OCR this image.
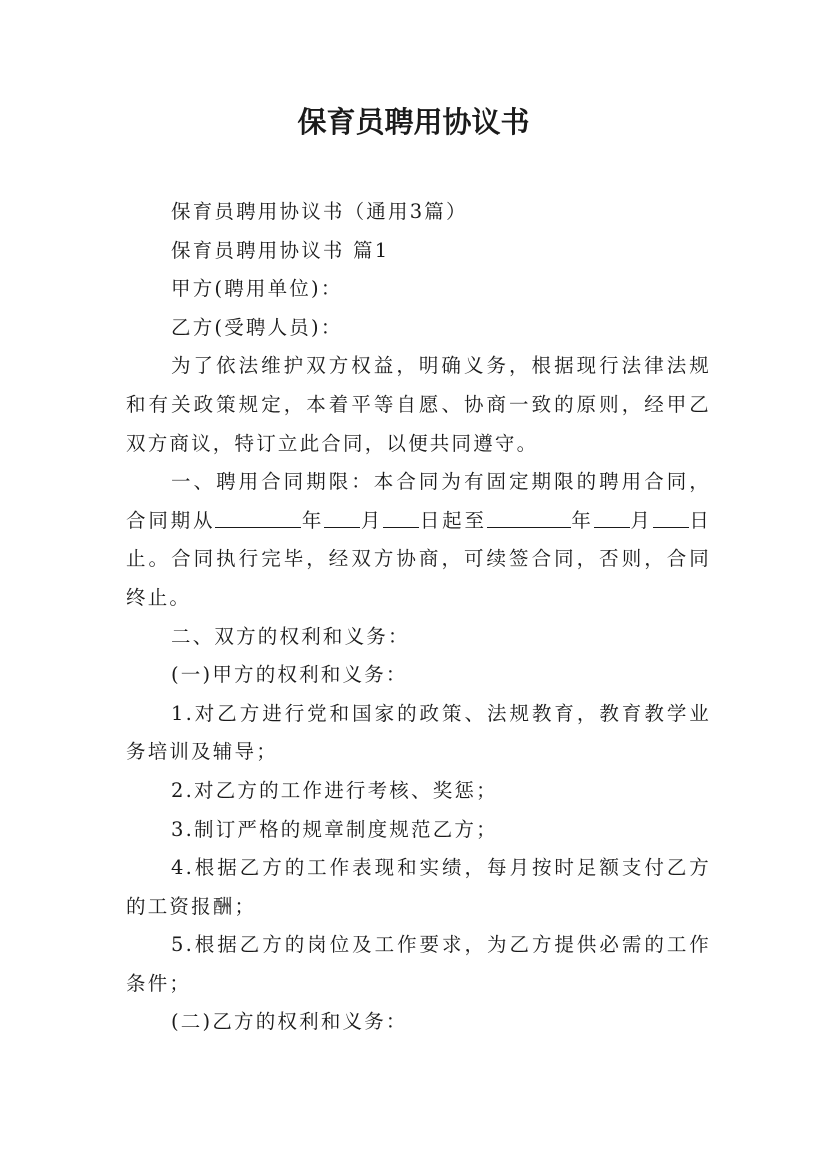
保育员聘用协议书

保育员聘用协议书（通用3篇）

保育员聘用协议书 篇1

甲方(聘用单位)：

乙方(受聘人员)：

为了依法维护双方权益，明确义务，根据现行法律法规和有关政策规定，本着平等自愿、协商一致的原则，经甲乙双方商议，特订立此合同，以便共同遵守。

一、聘用合同期限：本合同为有固定期限的聘用合同，合同期从	年 月 日起至	年 月 日止。合同执行完毕，经双方协商，可续签合同，否则，合同终止。

二、双方的权利和义务：

(一)甲方的权利和义务：

1.对乙方进行党和国家的政策、法规教育，教育教学业务培训及辅导；

2.对乙方的工作进行考核、奖惩；

3.制订严格的规章制度规范乙方；

4.根据乙方的工作表现和实绩，每月按时足额支付乙方的工资报酬；

5.根据乙方的岗位及工作要求，为乙方提供必需的工作条件；

(二)乙方的权利和义务：
